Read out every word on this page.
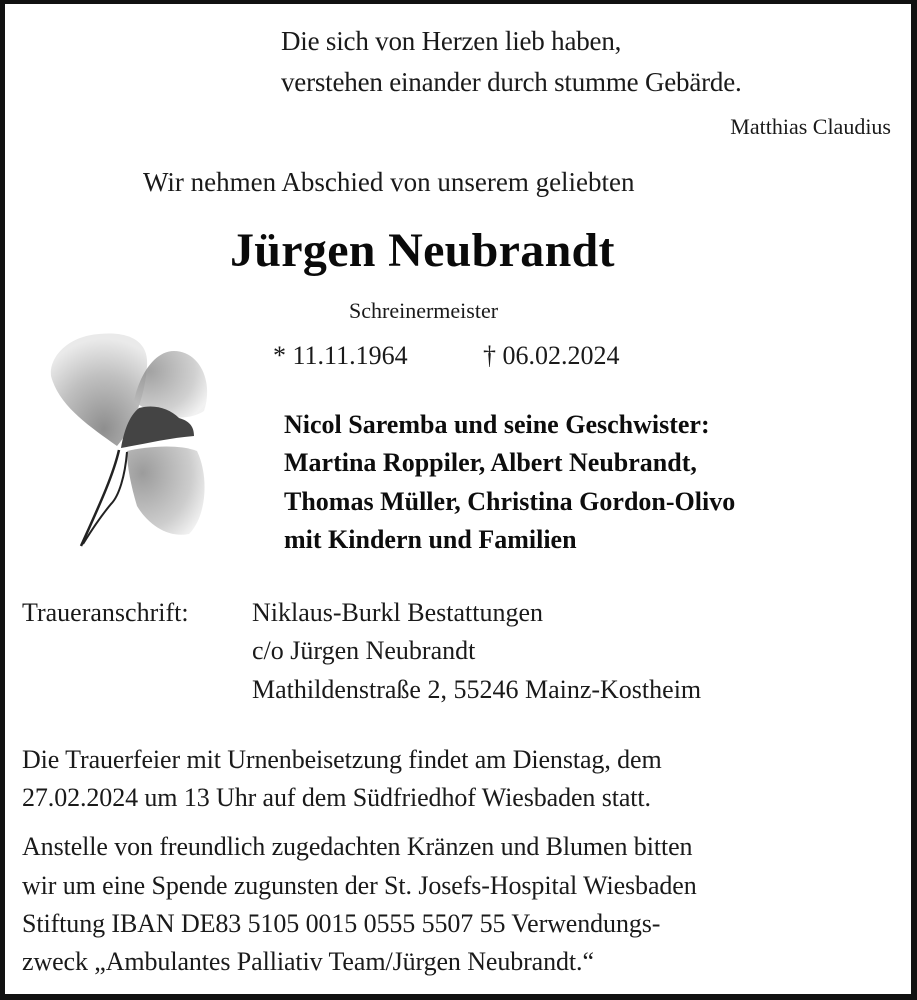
Die sich von Herzen lieb haben,
verstehen einander durch stumme Gebärde.
Matthias Claudius
Wir nehmen Abschied von unserem geliebten
Jürgen Neubrandt
Schreinermeister
* 11.11.1964	† 06.02.2024
Nicol Saremba und seine Geschwister:
Martina Roppiler, Albert Neubrandt,
Thomas Müller, Christina Gordon-Olivo
mit Kindern und Familien
Traueranschrift: Niklaus-Burkl Bestattungen
c/o Jürgen Neubrandt
Mathildenstraße 2, 55246 Mainz-Kostheim
Die Trauerfeier mit Urnenbeisetzung findet am Dienstag, dem
27.02.2024 um 13 Uhr auf dem Südfriedhof Wiesbaden statt.
Anstelle von freundlich zugedachten Kränzen und Blumen bitten
wir um eine Spende zugunsten der St. Josefs-Hospital Wiesbaden
Stiftung IBAN DE83 5105 0015 0555 5507 55 Verwendungs-
zweck „Ambulantes Palliativ Team/Jürgen Neubrandt.“
